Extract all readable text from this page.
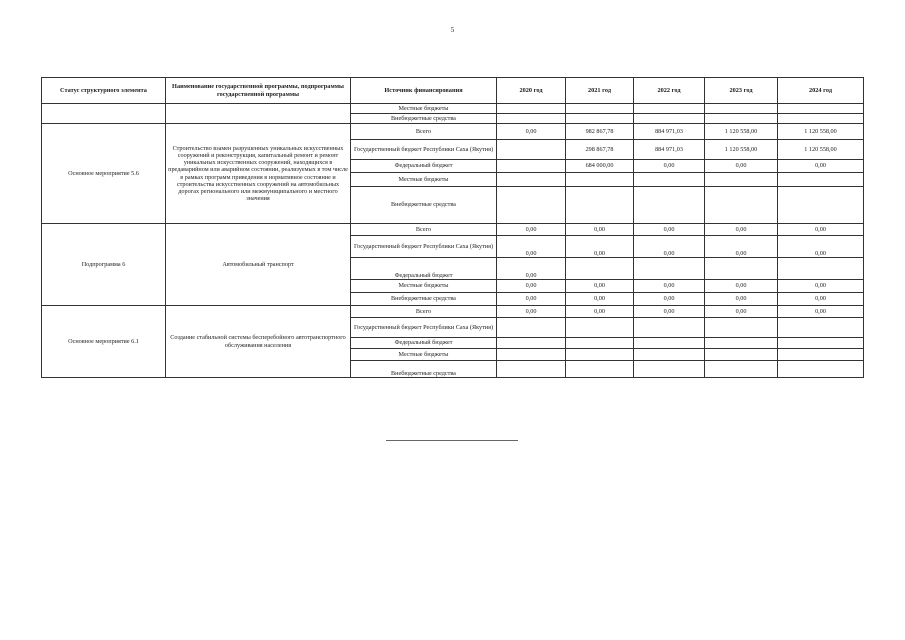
5
Статус структурного элемента	Наименование государственной программы, подпрограммы государственной программы	Источник финансирования	2020 год	2021 год	2022 год	2023 год	2024 год
		Местные бюджеты					
		Внебюджетные средства					
Основное мероприятие 5.6	Строительство взамен разрушенных уникальных искусственных сооружений и реконструкция, капитальный ремонт и ремонт уникальных искусственных сооружений, находящихся в предаварийном или аварийном состоянии, реализуемых в том числе в рамках программ приведения в нормативное состояние и строительства искусственных сооружений на автомобильных дорогах регионального или межмуниципального и местного значения	Всего	0,00	982 867,78	884 971,03	1 120 558,00	1 120 558,00
		Государственный бюджет Республики Саха (Якутия)		298 867,78	884 971,03	1 120 558,00	1 120 558,00
		Федеральный бюджет		684 000,00	0,00	0,00	0,00
		Местные бюджеты					
		Внебюджетные средства					
Подпрограмма 6	Автомобильный транспорт	Всего	0,00	0,00	0,00	0,00	0,00
		Государственный бюджет Республики Саха (Якутия)	0,00	0,00	0,00	0,00	0,00
		Федеральный бюджет	0,00				
		Местные бюджеты	0,00	0,00	0,00	0,00	0,00
		Внебюджетные средства	0,00	0,00	0,00	0,00	0,00
Основное мероприятие 6.1	Создание стабильной системы бесперебойного автотранспортного обслуживания населения	Всего	0,00	0,00	0,00	0,00	0,00
		Государственный бюджет Республики Саха (Якутия)					
		Федеральный бюджет					
		Местные бюджеты					
		Внебюджетные средства					
